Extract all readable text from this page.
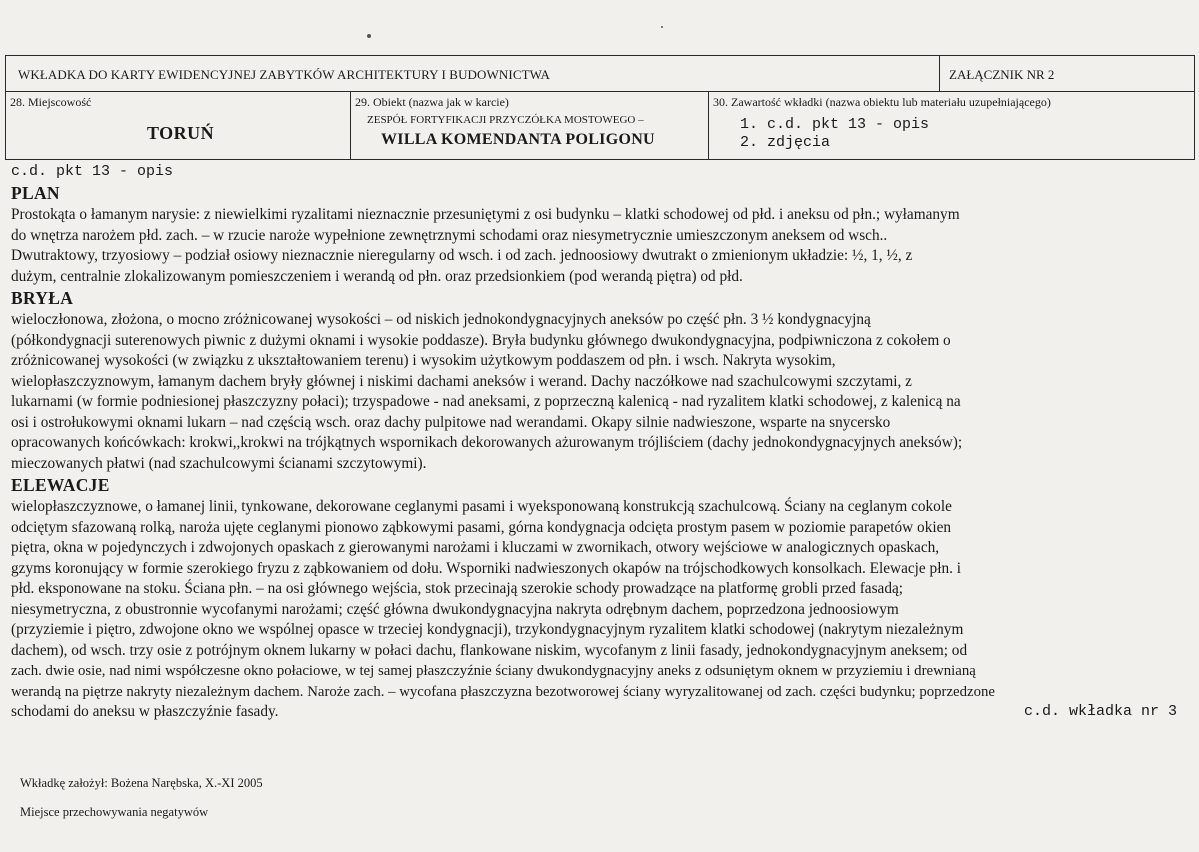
WKŁADKA DO KARTY EWIDENCYJNEJ ZABYTKÓW ARCHITEKTURY I BUDOWNICTWA	ZAŁĄCZNIK NR 2
28. Miejscowość
TORUŃ
29. Obiekt (nazwa jak w karcie)
ZESPÓŁ FORTYFIKACJI PRZYCZÓŁKA MOSTOWEGO –
WILLA KOMENDANTA POLIGONU
30. Zawartość wkładki (nazwa obiektu lub materiału uzupełniającego)
1. c.d. pkt 13 - opis
2. zdjęcia
c.d. pkt 13 - opis
PLAN
Prostokąta o łamanym narysie: z niewielkimi ryzalitami nieznacznie przesuniętymi z osi budynku – klatki schodowej od płd. i aneksu od płn.; wyłamanym
do wnętrza narożem płd. zach. – w rzucie naroże wypełnione zewnętrznymi schodami oraz niesymetrycznie umieszczonym aneksem od wsch..
Dwutraktowy, trzyosiowy – podział osiowy nieznacznie nieregularny od wsch. i od zach. jednoosiowy dwutrakt o zmienionym układzie: ½, 1, ½, z
dużym, centralnie zlokalizowanym pomieszczeniem i werandą od płn. oraz przedsionkiem (pod werandą piętra) od płd.
BRYŁA
wieloczłonowa, złożona, o mocno zróżnicowanej wysokości – od niskich jednokondygnacyjnych aneksów po część płn. 3 ½ kondygnacyjną
(półkondygnacji suterenowych piwnic z dużymi oknami i wysokie poddasze). Bryła budynku głównego dwukondygnacyjna, podpiwniczona z cokołem o
zróżnicowanej wysokości (w związku z ukształtowaniem terenu) i wysokim użytkowym poddaszem od płn. i wsch. Nakryta wysokim,
wielopłaszczyznowym, łamanym dachem bryły głównej i niskimi dachami aneksów i werand. Dachy naczółkowe nad szachulcowymi szczytami, z
lukarnami (w formie podniesionej płaszczyzny połaci); trzyspadowe - nad aneksami, z poprzeczną kalenicą - nad ryzalitem klatki schodowej, z kalenicą na
osi i ostrołukowymi oknami lukarn – nad częścią wsch. oraz dachy pulpitowe nad werandami. Okapy silnie nadwieszone, wsparte na snycersko
opracowanych końcówkach: krokwi,,krokwi na trójkątnych wspornikach dekorowanych ażurowanym trójliściem (dachy jednokondygnacyjnych aneksów);
mieczowanych płatwi (nad szachulcowymi ścianami szczytowymi).
ELEWACJE
wielopłaszczyznowe, o łamanej linii, tynkowane, dekorowane ceglanymi pasami i wyeksponowaną konstrukcją szachulcową. Ściany na ceglanym cokole
odciętym sfazowaną rolką, naroża ujęte ceglanymi pionowo ząbkowymi pasami, górna kondygnacja odcięta prostym pasem w poziomie parapetów okien
piętra, okna w pojedynczych i zdwojonych opaskach z gierowanymi narożami i kluczami w zwornikach, otwory wejściowe w analogicznych opaskach,
gzyms koronujący w formie szerokiego fryzu z ząbkowaniem od dołu. Wsporniki nadwieszonych okapów na trójschodkowych konsolkach. Elewacje płn. i
płd. eksponowane na stoku. Ściana płn. – na osi głównego wejścia, stok przecinają szerokie schody prowadzące na platformę grobli przed fasadą;
niesymetryczna, z obustronnie wycofanymi narożami; część główna dwukondygnacyjna nakryta odrębnym dachem, poprzedzona jednoosiowym
(przyziemie i piętro, zdwojone okno we wspólnej opasce w trzeciej kondygnacji), trzykondygnacyjnym ryzalitem klatki schodowej (nakrytym niezależnym
dachem), od wsch. trzy osie z potrójnym oknem lukarny w połaci dachu, flankowane niskim, wycofanym z linii fasady, jednokondygnacyjnym aneksem; od
zach. dwie osie, nad nimi współczesne okno połaciowe, w tej samej płaszczyźnie ściany dwukondygnacyjny aneks z odsuniętym oknem w przyziemiu i drewnianą
werandą na piętrze nakryty niezależnym dachem. Naroże zach. – wycofana płaszczyzna bezotworowej ściany wyryzalitowanej od zach. części budynku; poprzedzone
schodami do aneksu w płaszczyźnie fasady.	c.d. wkładka nr 3
Wkładkę założył: Bożena Narębska, X.-XI 2005
Miejsce przechowywania negatywów
